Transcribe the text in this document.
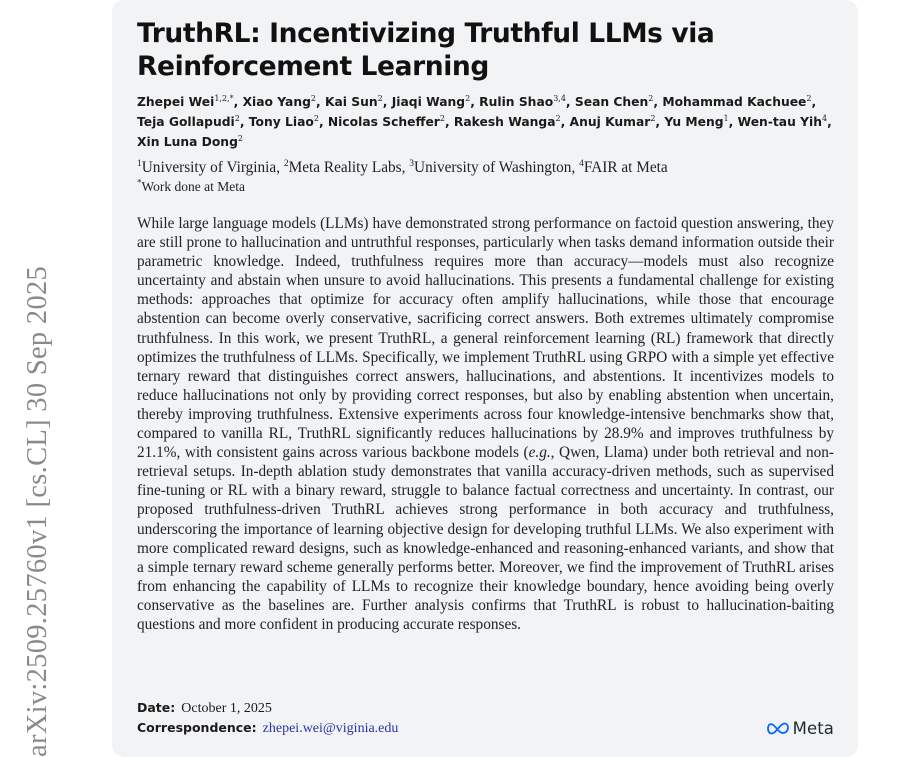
arXiv:2509.25760v1 [cs.CL] 30 Sep 2025
TruthRL: Incentivizing Truthful LLMs via Reinforcement Learning

Zhepei Wei$^{1,2,*}$, Xiao Yang$^2$, Kai Sun$^2$, Jiaqi Wang$^2$, Rulin Shao$^{3,4}$, Sean Chen$^2$, Mohammad Kachuee$^2$, Teja Gollapudi$^2$, Tony Liao$^2$, Nicolas Scheffer$^2$, Rakesh Wanga$^2$, Anuj Kumar$^2$, Yu Meng$^1$, Wen-tau Yih$^4$, Xin Luna Dong$^2$

$^1$University of Virginia, $^2$Meta Reality Labs, $^3$University of Washington, $^4$FAIR at Meta
*Work done at Meta

While large language models (LLMs) have demonstrated strong performance on factoid question answering, they are still prone to hallucination and untruthful responses, particularly when tasks demand information outside their parametric knowledge. Indeed, truthfulness requires more than accuracy—models must also recognize uncertainty and abstain when unsure to avoid hallucinations. This presents a fundamental challenge for existing methods: approaches that optimize for accuracy often amplify hallucinations, while those that encourage abstention can become overly conservative, sacrificing correct answers. Both extremes ultimately compromise truthfulness. In this work, we present TruthRL, a general reinforcement learning (RL) framework that directly optimizes the truthfulness of LLMs. Specifically, we implement TruthRL using GRPO with a simple yet effective ternary reward that distinguishes correct answers, hallucinations, and abstentions. It incentivizes models to reduce hallucinations not only by providing correct responses, but also by enabling abstention when uncertain, thereby improving truthfulness. Extensive experiments across four knowledge-intensive benchmarks show that, compared to vanilla RL, TruthRL significantly reduces hallucinations by 28.9% and improves truthfulness by 21.1%, with consistent gains across various backbone models (e.g., Qwen, Llama) under both retrieval and non-retrieval setups. In-depth ablation study demonstrates that vanilla accuracy-driven methods, such as supervised fine-tuning or RL with a binary reward, struggle to balance factual correctness and uncertainty. In contrast, our proposed truthfulness-driven TruthRL achieves strong performance in both accuracy and truthfulness, underscoring the importance of learning objective design for developing truthful LLMs. We also experiment with more complicated reward designs, such as knowledge-enhanced and reasoning-enhanced variants, and show that a simple ternary reward scheme generally performs better. Moreover, we find the improvement of TruthRL arises from enhancing the capability of LLMs to recognize their knowledge boundary, hence avoiding being overly conservative as the baselines are. Further analysis confirms that TruthRL is robust to hallucination-baiting questions and more confident in producing accurate responses.

Date: October 1, 2025
Correspondence: zhepei.wei@viginia.edu	Meta
